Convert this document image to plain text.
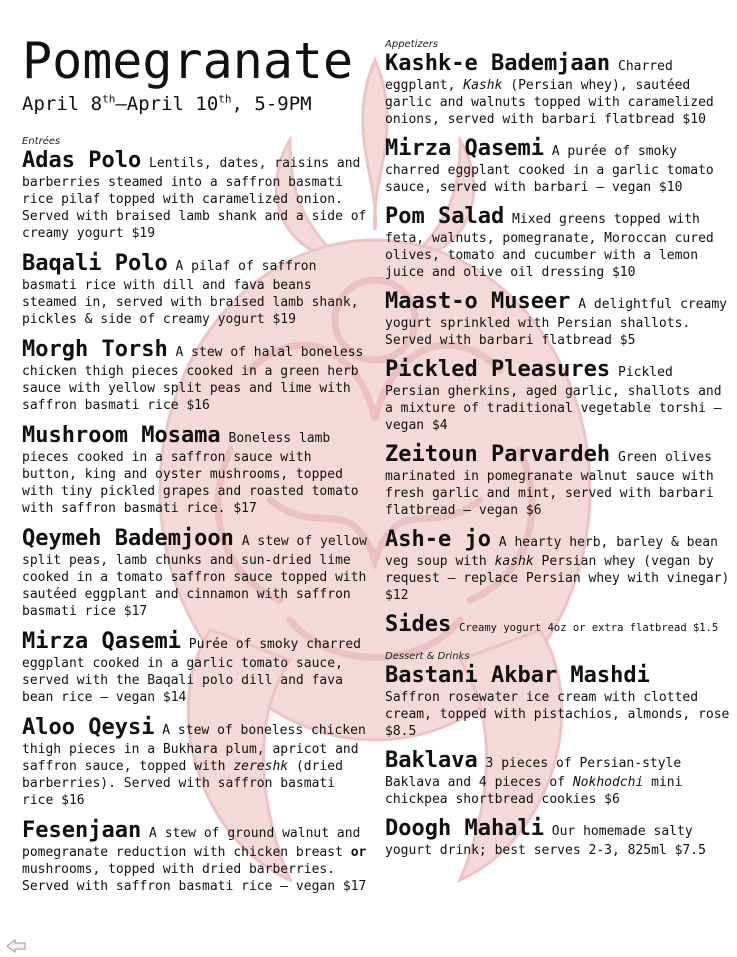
Pomegranate
April 8th–April 10th, 5-9PM
Entrées

Adas Polo Lentils, dates, raisins and barberries steamed into a saffron basmati rice pilaf topped with caramelized onion. Served with braised lamb shank and a side of creamy yogurt $19

Baqali Polo A pilaf of saffron basmati rice with dill and fava beans steamed in, served with braised lamb shank, pickles & side of creamy yogurt $19

Morgh Torsh A stew of halal boneless chicken thigh pieces cooked in a green herb sauce with yellow split peas and lime with saffron basmati rice $16

Mushroom Mosama Boneless lamb pieces cooked in a saffron sauce with button, king and oyster mushrooms, topped with tiny pickled grapes and roasted tomato with saffron basmati rice. $17

Qeymeh Bademjoon A stew of yellow split peas, lamb chunks and sun-dried lime cooked in a tomato saffron sauce topped with sautéed eggplant and cinnamon with saffron basmati rice $17

Mirza Qasemi Purée of smoky charred eggplant cooked in a garlic tomato sauce, served with the Baqali polo dill and fava bean rice – vegan $14

Aloo Qeysi A stew of boneless chicken thigh pieces in a Bukhara plum, apricot and saffron sauce, topped with zereshk (dried barberries). Served with saffron basmati rice $16

Fesenjaan A stew of ground walnut and pomegranate reduction with chicken breast or mushrooms, topped with dried barberries. Served with saffron basmati rice – vegan $17

Appetizers

Kashk-e Bademjaan Charred eggplant, Kashk (Persian whey), sautéed garlic and walnuts topped with caramelized onions, served with barbari flatbread $10

Mirza Qasemi A purée of smoky charred eggplant cooked in a garlic tomato sauce, served with barbari – vegan $10

Pom Salad Mixed greens topped with feta, walnuts, pomegranate, Moroccan cured olives, tomato and cucumber with a lemon juice and olive oil dressing $10

Maast-o Museer A delightful creamy yogurt sprinkled with Persian shallots. Served with barbari flatbread $5

Pickled Pleasures Pickled Persian gherkins, aged garlic, shallots and a mixture of traditional vegetable torshi – vegan $4

Zeitoun Parvardeh Green olives marinated in pomegranate walnut sauce with fresh garlic and mint, served with barbari flatbread – vegan $6

Ash-e jo A hearty herb, barley & bean veg soup with kashk Persian whey (vegan by request – replace Persian whey with vinegar) $12

Sides Creamy yogurt 4oz or extra flatbread $1.5

Dessert & Drinks

Bastani Akbar Mashdi
Saffron rosewater ice cream with clotted cream, topped with pistachios, almonds, rose $8.5

Baklava 3 pieces of Persian-style Baklava and 4 pieces of Nokhodchi mini chickpea shortbread cookies $6

Doogh Mahali Our homemade salty yogurt drink; best serves 2-3, 825ml $7.5
